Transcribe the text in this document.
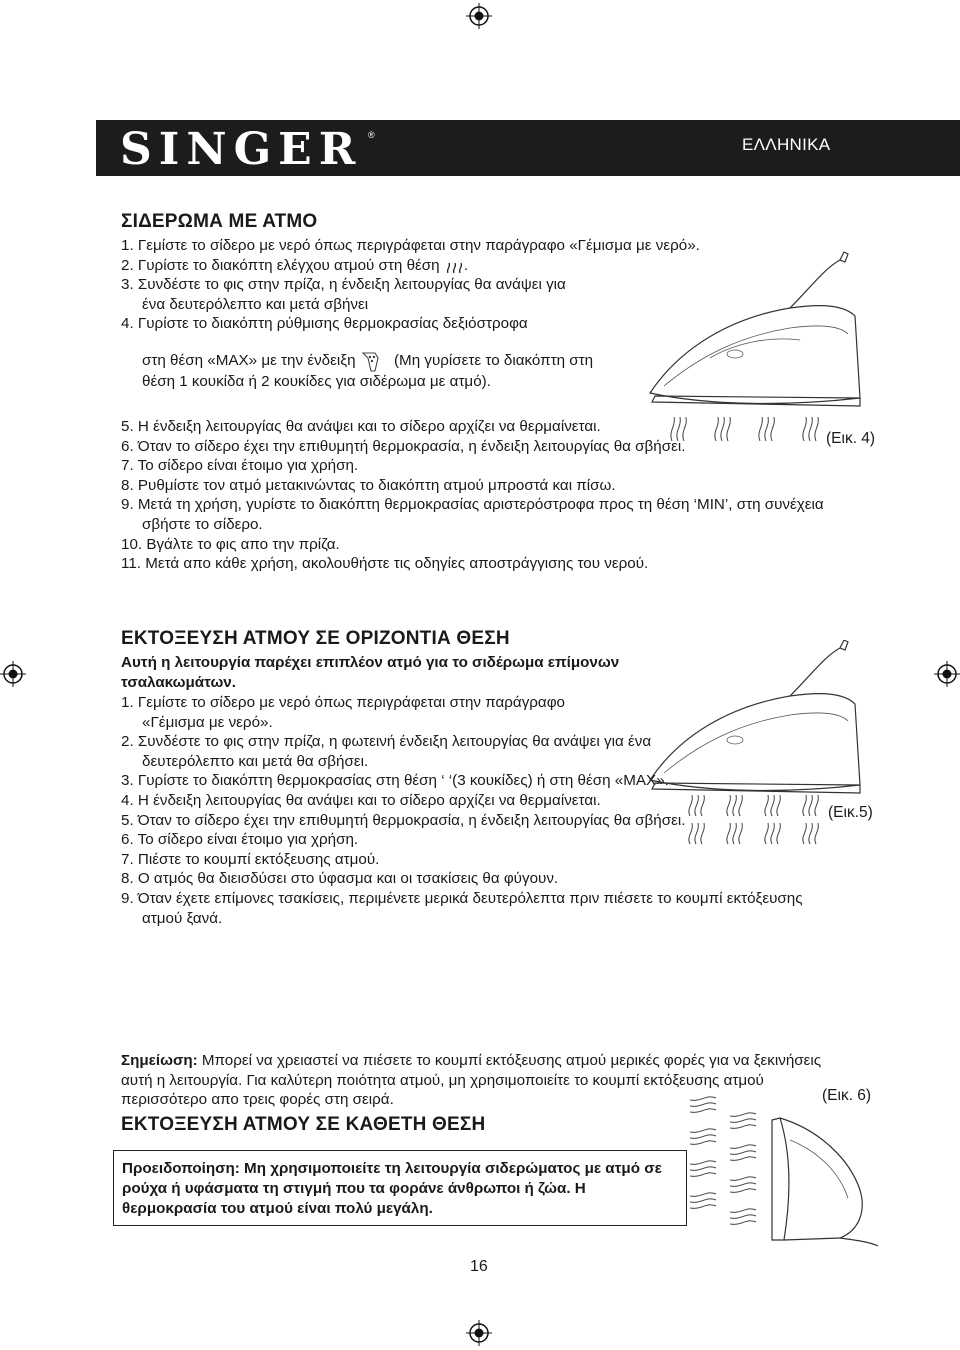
SINGER ®	ΕΛΛΗΝΙΚΑ
ΣΙΔΕΡΩΜΑ ΜΕ ΑΤΜΟ
1. Γεμίστε το σίδερο με νερό όπως περιγράφεται στην παράγραφο «Γέμισμα με νερό».
2. Γυρίστε το διακόπτη ελέγχου ατμού στη θέση .
3. Συνδέστε το φις στην πρίζα, η ένδειξη λειτουργίας θα ανάψει για ένα δευτερόλεπτο και μετά σβήνει
4. Γυρίστε το διακόπτη ρύθμισης θερμοκρασίας δεξιόστροφα
στη θέση «MAX» με την ένδειξη	(Μη γυρίσετε το διακόπτη στη θέση 1 κουκίδα ή 2 κουκίδες για σιδέρωμα με ατμό).
5. Η ένδειξη λειτουργίας θα ανάψει και το σίδερο αρχίζει να θερμαίνεται.
6. Όταν το σίδερο έχει την επιθυμητή θερμοκρασία, η ένδειξη λειτουργίας θα σβήσει.
7. Το σίδερο είναι έτοιμο για χρήση.
8. Ρυθμίστε τον ατμό μετακινώντας το διακόπτη ατμού μπροστά και πίσω.
9. Μετά τη χρήση, γυρίστε το διακόπτη θερμοκρασίας αριστερόστροφα προς τη θέση ‘MIN’, στη συνέχεια σβήστε το σίδερο.
10. Βγάλτε το φις απο την πρίζα.
11. Μετά απο κάθε χρήση, ακολουθήστε τις οδηγίες αποστράγγισης του νερού.
(Εικ. 4)
ΕΚΤΟΞΕΥΣΗ ΑΤΜΟΥ ΣΕ ΟΡΙΖΟΝΤΙΑ ΘΕΣΗ

Αυτή η λειτουργία παρέχει επιπλέον ατμό για το σιδέρωμα επίμονων τσαλακωμάτων.

1. Γεμίστε το σίδερο με νερό όπως περιγράφεται στην παράγραφο «Γέμισμα με νερό».
2. Συνδέστε το φις στην πρίζα, η φωτεινή ένδειξη λειτουργίας θα ανάψει για ένα δευτερόλεπτο και μετά θα σβήσει.
3. Γυρίστε το διακόπτη θερμοκρασίας στη θέση ‘ ‘(3 κουκίδες) ή στη θέση «MAX».
4. Η ένδειξη λειτουργίας θα ανάψει και το σίδερο αρχίζει να θερμαίνεται.
5. Όταν το σίδερο έχει την επιθυμητή θερμοκρασία, η ένδειξη λειτουργίας θα σβήσει.
6. Το σίδερο είναι έτοιμο για χρήση.
7. Πιέστε το κουμπί εκτόξευσης ατμού.
8. Ο ατμός θα διεισδύσει στο ύφασμα και οι τσακίσεις θα φύγουν.
9. Όταν έχετε επίμονες τσακίσεις, περιμένετε μερικά δευτερόλεπτα πριν πιέσετε το κουμπί εκτόξευσης ατμού ξανά.

Σημείωση: Μπορεί να χρειαστεί να πιέσετε το κουμπί εκτόξευσης ατμού μερικές φορές για να ξεκινήσεις αυτή η λειτουργία. Για καλύτερη ποιότητα ατμού, μη χρησιμοποιείτε το κουμπί εκτόξευσης ατμού περισσότερο απο τρεις φορές στη σειρά.

(Εικ.5)
ΕΚΤΟΞΕΥΣΗ ΑΤΜΟΥ ΣΕ ΚΑΘΕΤΗ ΘΕΣΗ
Προειδοποίηση: Μη χρησιμοποιείτε τη λειτουργία σιδερώματος με ατμό σε ρούχα ή υφάσματα τη στιγμή που τα φοράνε άνθρωποι ή ζώα. Η θερμοκρασία του ατμού είναι πολύ μεγάλη.
(Εικ. 6)
16
